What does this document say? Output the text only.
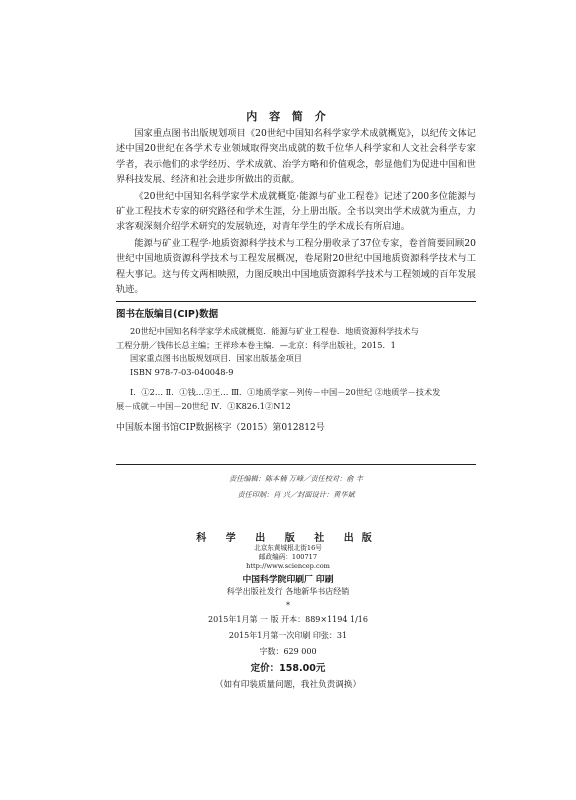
内 容 简 介

国家重点图书出版规划项目《20世纪中国知名科学家学术成就概览》，以纪传文体记述中国20世纪在各学术专业领域取得突出成就的数千位华人科学家和人文社会科学专家学者，表示他们的求学经历、学术成就、治学方略和价值观念，彰显他们为促进中国和世界科技发展、经济和社会进步所做出的贡献。

《20世纪中国知名科学家学术成就概览·能源与矿业工程卷》记述了200多位能源与矿业工程技术专家的研究路径和学术生涯，分上册出版。全书以突出学术成就为重点，力求客观深刻介绍学术研究的发展轨迹，对青年学生的学术成长有所启迪。

能源与矿业工程学·地质资源科学技术与工程分册收录了37位专家，卷首简要回顾20世纪中国地质资源科学技术与工程发展概况，卷尾附20世纪中国地质资源科学技术与工程大事记。这与传文两相映照，力图反映出中国地质资源科学技术与工程领域的百年发展轨迹。

图书在版编目(CIP)数据
20世纪中国知名科学家学术成就概览．能源与矿业工程卷．地质资源科学技术与
工程分册／钱伟长总主编；王祥珍本卷主编．—北京：科学出版社，2015．1
国家重点图书出版规划项目．国家出版基金项目
ISBN 978-7-03-040048-9
Ⅰ．①2… Ⅱ．①钱…②王… Ⅲ．①地质学家－列传－中国－20世纪 ②地质学－技术发
展－成就－中国－20世纪 Ⅳ．①K826.1②N12
中国版本图书馆CIP数据核字（2015）第012812号
责任编辑：陈本楠 万峰／责任校对：俞 丰
责任印制：肖 兴／封面设计：黄华斌
科 学 出 版 社 出版
北京东黄城根北街16号
邮政编码：100717
http://www.sciencep.com
中国科学院印刷厂 印刷
科学出版社发行 各地新华书店经销
*
2015年1月第 一 版 开本：889×1194 1/16
2015年1月第一次印刷 印张：31
字数：629 000
定价：158.00元
（如有印装质量问题，我社负责调换）
